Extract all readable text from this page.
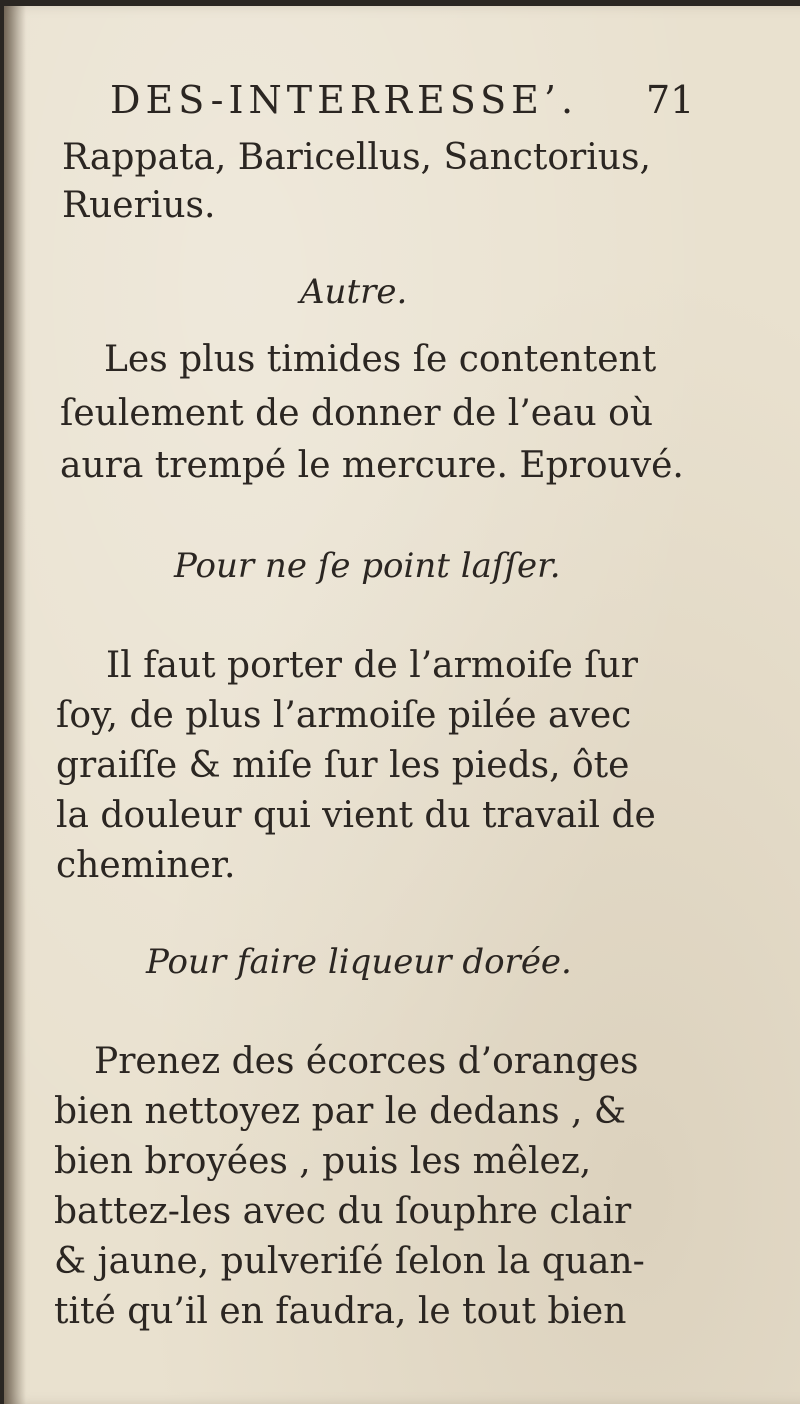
DES-INTERRESSE’. 71
Rappata, Baricellus, Sanctorius,
Ruerius.
Autre.
Les plus timides ſe contentent
ſeulement de donner de l’eau où
aura trempé le mercure. Eprouvé.
Pour ne ſe point laſſer.
Il faut porter de l’armoiſe ſur
ſoy, de plus l’armoiſe pilée avec
graiſſe & miſe ſur les pieds, ôte
la douleur qui vient du travail de
cheminer.
Pour faire liqueur dorée.
Prenez des écorces d’oranges
bien nettoyez par le dedans , &
bien broyées , puis les mêlez,
battez-les avec du ſouphre clair
& jaune, pulveriſé ſelon la quan-
tité qu’il en faudra, le tout bien
